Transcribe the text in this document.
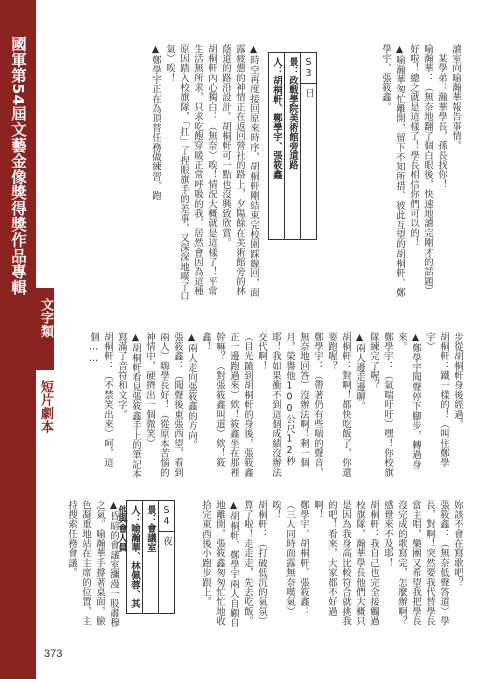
國軍第54屆文藝金像獎得獎作品專輯
文字類
短片劇本
373
讀室向喻瀚華報告事情。
　某學弟：瀚華學長，孫長找你！
喻瀚華：（無奈地翻了個白眼後，快速地讀完剛才的話題）好啦！總之就是這樣了！學長相信你們可以的！
▲喻瀚華匆忙離開，留下不知所措、彼此互望的胡桐軒、鄭學宇、張筱鑫。
S3
日
景：政戰學院美術館旁道路
人：胡桐軒、鄭學宇、張筱鑫
▲時空再度接回原來時序，胡桐軒剛結束完校園踩線回，面露疲憊的神情正在返回營社的路上，夕陽餘在美術館旁的林蔭道的路沿設計。胡桐軒可一點也沒興致欣賞。
胡桐軒內心獨白：（無奈）唉！情況大概就是這樣了！平常生活無所求，只求吃飽穿暖正常呼吸的我，居然會因為這種原因踏入校旗隊，「扛」了捏眼旗手的差事，又深深地嘆了口氣）唉！
▲鄭學宇正在為頂替任務做練習，跑
步從胡桐軒身後經過。
胡桐軒：鐵一樣的！（叫住鄭學宇）
▲鄭學宇聞聲停下腳步，轉過身來。
鄭學宇：（氣喘吁吁）嘿！你校旗隊練完了喔？
▲兩人邊走邊聊。
胡桐軒：對啊！都快吃飯了，你還要跑喔？
鄭學宇：（帶著仍有些喘的聲音，無奈地回答）沒辦法啊！剩一個月，榮譽他100公尺12秒耶！我如果衝不到這個成績沒辦法交代啊！
（目光隨到胡桐軒的身後，張筱鑫正一邊跑過來）欸！筱鑫坐在那裡幹嘛？（對張筱鑫叫道）欸！筱鑫！
▲兩人走向張筱鑫的方向。
張筱鑫：（聞聲後東張西望，看到兩人）嗨學長好！（從原本苦惱的神情中，硬擠出一個微笑）
▲胡桐軒看見張筱鑫手上的筆記本寫滿了音符和文字。
胡桐軒：（不禁笑出來）呵，這個……
妳該不會在寫歌吧？
張筱鑫：（無奈低聲答道）學長，對啊！突然要我代替學長當主唱，樂團又希望我把學長沒完成的歌寫完，怎麼辦啊？感覺來不及耶！
胡桐軒：我自己也完全接觸過校旗隊，瀚華學長他們大概只是因為我身高比較符合就挑我的吧！看來，大家都不好過啊！
鄭學宇、胡桐軒、張筱鑫：（三人同時面露無奈嘆氣）唉！
胡桐軒：（打破低沉的氣氛）算了啦！走走走，先去吃飯。
▲胡桐軒、鄭學宇兩人自顧自地離開，張筱鑫匆匆忙忙地收拾完東西後小跑步跟上。
S4
夜
景：會議室
人：喻瀚華、林佩蓉、其他與會人員
▲昏暗的會議室瀰漫一股肅穆之氣。喻瀚華手撐著桌面，臉色凝重地站在主席的位置，主持搜索任務會議。
